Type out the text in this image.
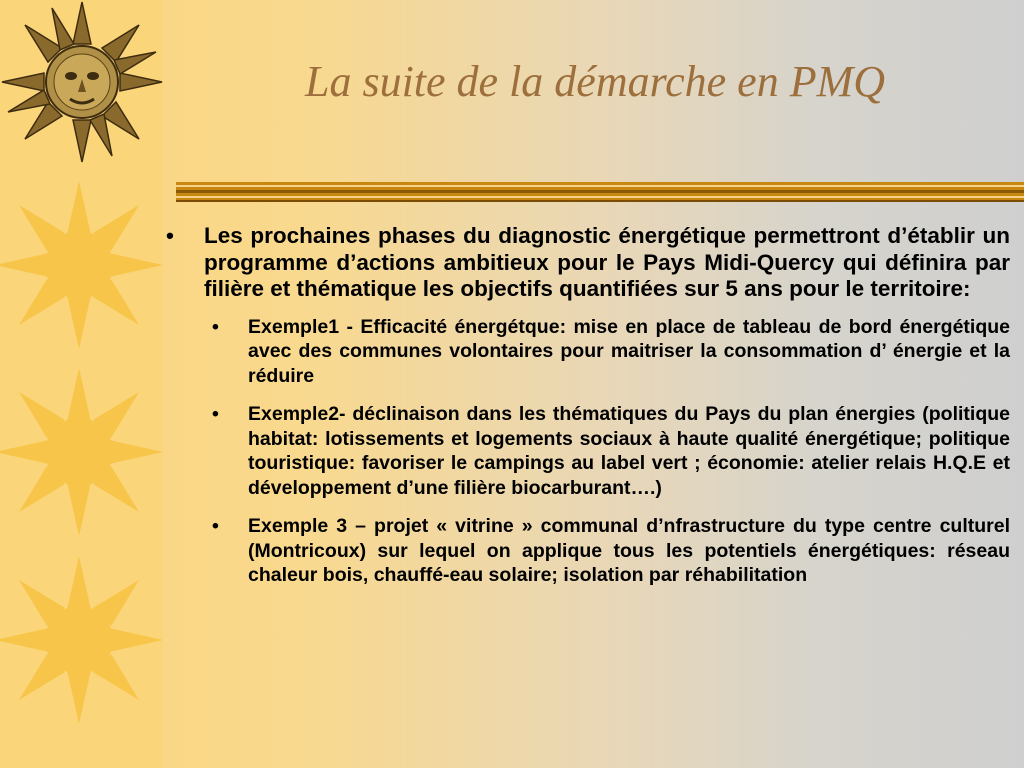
La suite de la démarche en PMQ
•	Les prochaines phases du diagnostic énergétique permettront d’établir un programme d’actions ambitieux pour le Pays Midi-Quercy qui définira par filière et thématique les objectifs quantifiées sur 5 ans pour le territoire:
•	Exemple1 - Efficacité énergétque: mise en place de tableau de bord énergétique avec des communes volontaires pour maitriser la consommation d’ énergie et la réduire
•	Exemple2- déclinaison dans les thématiques du Pays du plan énergies (politique habitat: lotissements et logements sociaux à haute qualité énergétique; politique touristique: favoriser le campings au label vert ; économie: atelier relais H.Q.E et développement d’une filière biocarburant….)
•	Exemple 3 – projet « vitrine » communal d’nfrastructure du type centre culturel (Montricoux) sur lequel on applique tous les potentiels énergétiques: réseau chaleur bois, chauffé-eau solaire; isolation par réhabilitation
